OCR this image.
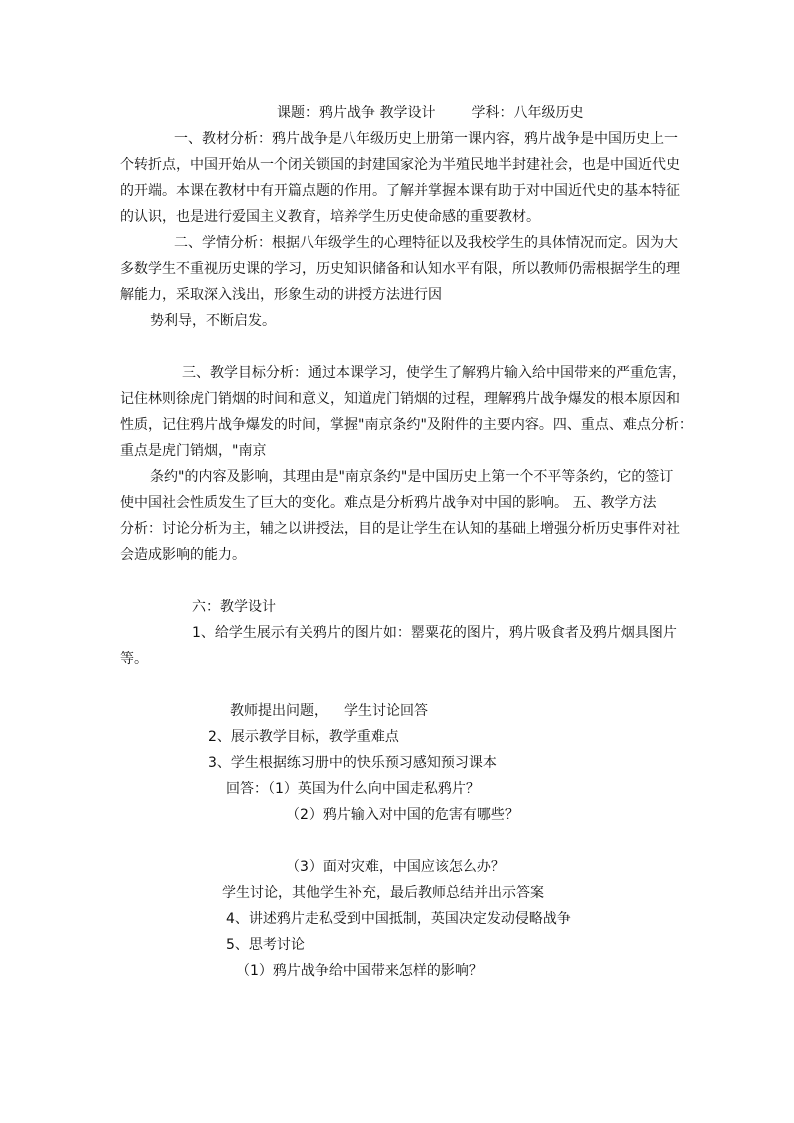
课题：鸦片战争 教学设计	学科：八年级历史
一、教材分析：鸦片战争是八年级历史上册第一课内容，鸦片战争是中国历史上一
个转折点，中国开始从一个闭关锁国的封建国家沦为半殖民地半封建社会，也是中国近代史
的开端。本课在教材中有开篇点题的作用。了解并掌握本课有助于对中国近代史的基本特征
的认识，也是进行爱国主义教育，培养学生历史使命感的重要教材。
二、学情分析：根据八年级学生的心理特征以及我校学生的具体情况而定。因为大
多数学生不重视历史课的学习，历史知识储备和认知水平有限，所以教师仍需根据学生的理
解能力，采取深入浅出，形象生动的讲授方法进行因
势利导，不断启发。
三、教学目标分析：通过本课学习，使学生了解鸦片输入给中国带来的严重危害，
记住林则徐虎门销烟的时间和意义，知道虎门销烟的过程，理解鸦片战争爆发的根本原因和
性质，记住鸦片战争爆发的时间，掌握"南京条约"及附件的主要内容。四、重点、难点分析：
重点是虎门销烟，"南京
条约"的内容及影响，其理由是"南京条约"是中国历史上第一个不平等条约，它的签订
使中国社会性质发生了巨大的变化。难点是分析鸦片战争对中国的影响。 五、教学方法
分析：讨论分析为主，辅之以讲授法，目的是让学生在认知的基础上增强分析历史事件对社
会造成影响的能力。
六：教学设计
1、给学生展示有关鸦片的图片如：罂粟花的图片，鸦片吸食者及鸦片烟具图片
等。
教师提出问题， 学生讨论回答
2、展示教学目标，教学重难点
3、学生根据练习册中的快乐预习感知预习课本
回答：（1）英国为什么向中国走私鸦片？
（2）鸦片输入对中国的危害有哪些？
（3）面对灾难，中国应该怎么办？
学生讨论，其他学生补充，最后教师总结并出示答案
4、讲述鸦片走私受到中国抵制，英国决定发动侵略战争
5、思考讨论
（1）鸦片战争给中国带来怎样的影响？
